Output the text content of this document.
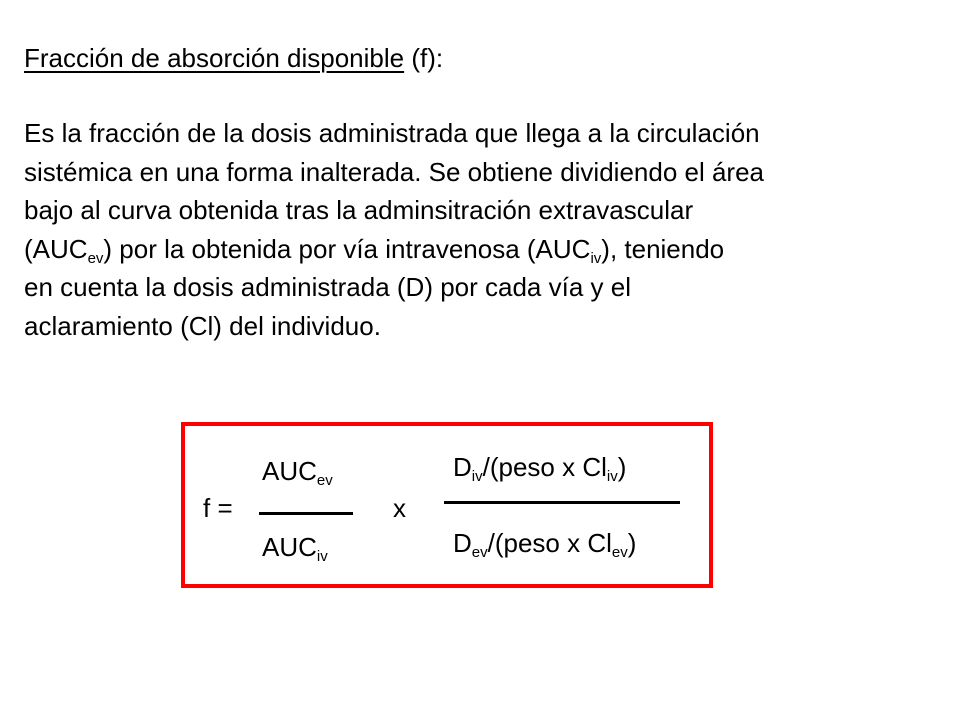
Fracción de absorción disponible (f):
Es la fracción de la dosis administrada que llega a la circulación
sistémica en una forma inalterada. Se obtiene dividiendo el área
bajo al curva obtenida tras la adminsitración extravascular
$(AUC_{ev})$ por la obtenida por vía intravenosa $(AUC_{iv})$, teniendo
en cuenta la dosis administrada (D) por cada vía y el
aclaramiento (Cl) del individuo.
f =
$AUC_{ev}$
$AUC_{iv}$
x
$D_{iv}/(peso$ x $Cl_{iv}$)
$D_{ev}/(peso$ x $Cl_{ev}$)
